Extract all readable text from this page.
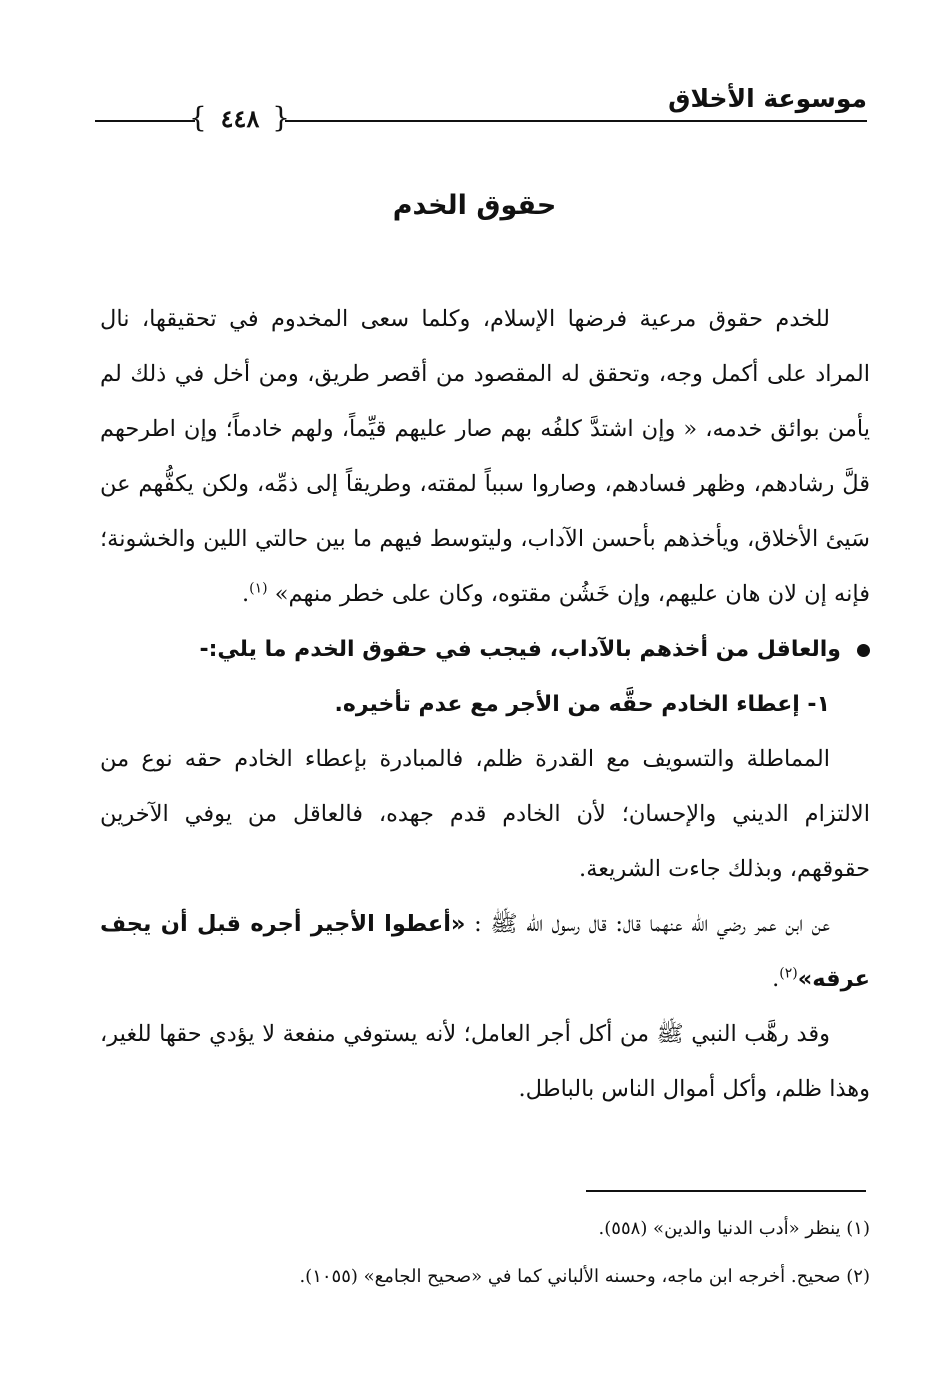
موسوعة الأخلاق
{ ٤٤٨ }
حقوق الخدم

للخدم حقوق مرعية فرضها الإسلام، وكلما سعى المخدوم في تحقيقها، نال المراد على أكمل وجه، وتحقق له المقصود من أقصر طريق، ومن أخل في ذلك لم يأمن بوائق خدمه، « وإن اشتدَّ كلفُه بهم صار عليهم قيِّماً، ولهم خادماً؛ وإن اطرحهم قلَّ رشادهم، وظهر فسادهم، وصاروا سبباً لمقته، وطريقاً إلى ذمِّه، ولكن يكفُّهم عن سَيئ الأخلاق، ويأخذهم بأحسن الآداب، وليتوسط فيهم ما بين حالتي اللين والخشونة؛ فإنه إن لان هان عليهم، وإن خَشُن مقتوه، وكان على خطر منهم» $^{(١)}$.

والعاقل من أخذهم بالآداب، فيجب في حقوق الخدم ما يلي:-

١- إعطاء الخادم حقَّه من الأجر مع عدم تأخيره.

المماطلة والتسويف مع القدرة ظلم، فالمبادرة بإعطاء الخادم حقه نوع من الالتزام الديني والإحسان؛ لأن الخادم قدم جهده، فالعاقل من يوفي الآخرين حقوقهم، وبذلك جاءت الشريعة.

عن ابن عمر رضي الله عنهما قال: قال رسول الله ﷺ : «أعطوا الأجير أجره قبل أن يجف عرقه»$^{(٢)}$.

وقد رهَّب النبي ﷺ من أكل أجر العامل؛ لأنه يستوفي منفعة لا يؤدي حقها للغير، وهذا ظلم، وأكل أموال الناس بالباطل.

(١) ينظر «أدب الدنيا والدين» (٥٥٨).

(٢) صحيح. أخرجه ابن ماجه، وحسنه الألباني كما في «صحيح الجامع» (١٠٥٥).
